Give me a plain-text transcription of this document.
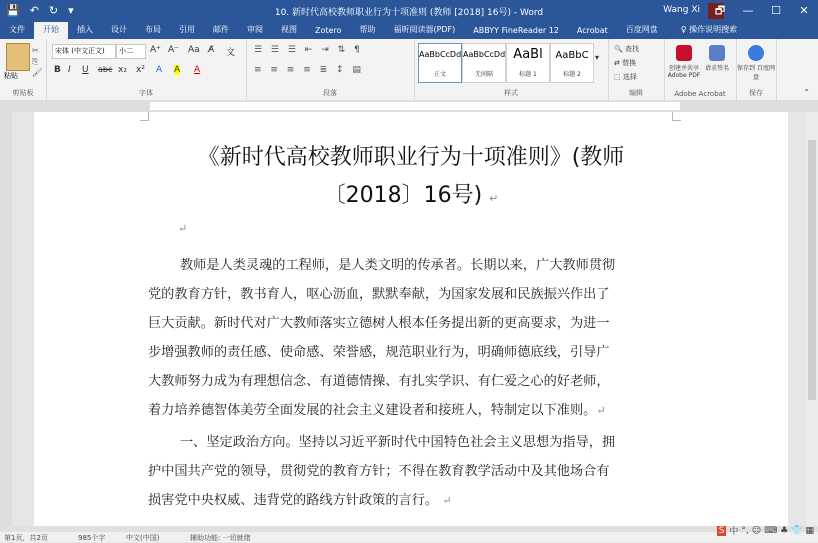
💾 ↶ ↻ ▾	10. 新时代高校教师职业行为十项准则 (教师 [2018] 16号) - Word	Wang Xi	🗗	—	☐	✕
文件	开始	插入	设计	布局	引用	邮件	审阅	视图	Zotero	帮助	福昕阅读器(PDF)	ABBYY FineReader 12	Acrobat	百度网盘	♀ 操作说明搜索
粘贴
✂
⎘
🖌
剪贴板
宋体 (中文正文)	小二	A⁺ A⁻ Aa A̸ 文
B I U abc x₂ x² A A A
字体
☰ ☰ ☰ ⇤ ⇥ ⇅ ¶
≡ ≡ ≡ ≡ ≣ ↕ ▤
段落
AaBbCcDd
正文
AaBbCcDd
无间隔
AaBl
标题 1
AaBbC
标题 2
▾
样式
🔍 查找
⇄ 替换
⬚ 选择
编辑
创建并共享 Adobe PDF
请求签名
Adobe Acrobat
保存到 百度网盘
保存	⌃
《新时代高校教师职业行为十项准则》(教师
〔2018〕16号) ↵
↵
教师是人类灵魂的工程师，是人类文明的传承者。长期以来，广大教师贯彻
党的教育方针，教书育人，呕心沥血，默默奉献，为国家发展和民族振兴作出了
巨大贡献。新时代对广大教师落实立德树人根本任务提出新的更高要求，为进一
步增强教师的责任感、使命感、荣誉感，规范职业行为，明确师德底线，引导广
大教师努力成为有理想信念、有道德情操、有扎实学识、有仁爱之心的好老师，
着力培养德智体美劳全面发展的社会主义建设者和接班人，特制定以下准则。↵
一、坚定政治方向。坚持以习近平新时代中国特色社会主义思想为指导，拥
护中国共产党的领导，贯彻党的教育方针；不得在教育教学活动中及其他场合有
损害党中央权威、违背党的路线方针政策的言行。 ↵
第1页，共2页	985个字	中文(中国)	辅助功能: 一切就绪
S 中 °, ☺ ⌨ ♣ 👕 ▦
